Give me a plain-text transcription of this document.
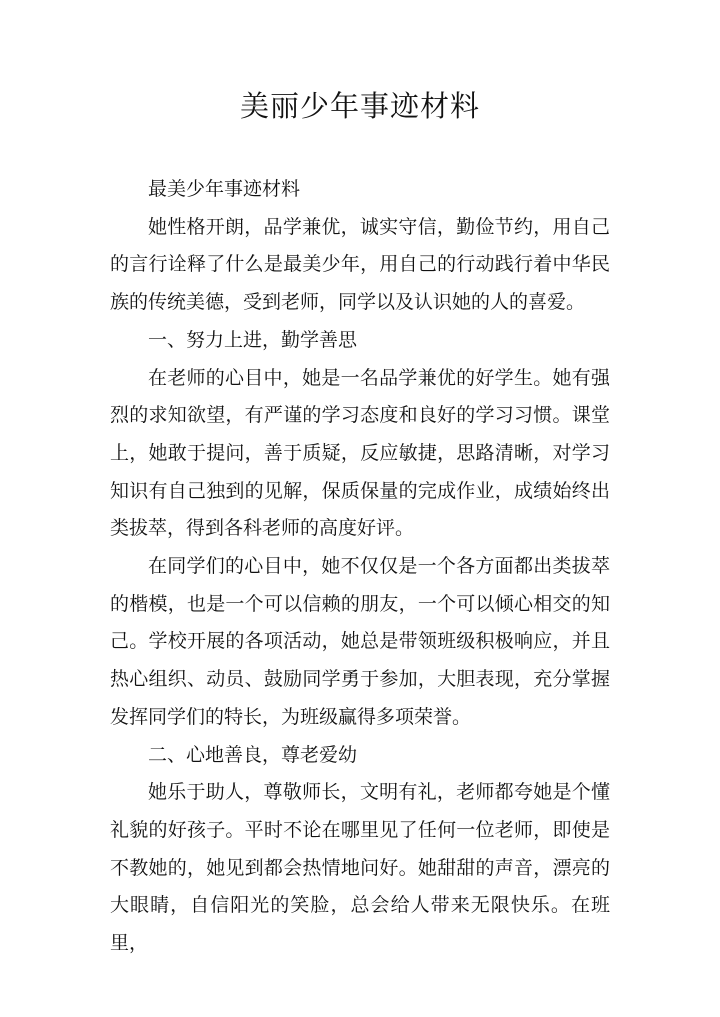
美丽少年事迹材料

最美少年事迹材料

她性格开朗，品学兼优，诚实守信，勤俭节约，用自己的言行诠释了什么是最美少年，用自己的行动践行着中华民族的传统美德，受到老师，同学以及认识她的人的喜爱。

一、努力上进，勤学善思

在老师的心目中，她是一名品学兼优的好学生。她有强烈的求知欲望，有严谨的学习态度和良好的学习习惯。课堂上，她敢于提问，善于质疑，反应敏捷，思路清晰，对学习知识有自己独到的见解，保质保量的完成作业，成绩始终出类拔萃，得到各科老师的高度好评。

在同学们的心目中，她不仅仅是一个各方面都出类拔萃的楷模，也是一个可以信赖的朋友，一个可以倾心相交的知己。学校开展的各项活动，她总是带领班级积极响应，并且热心组织、动员、鼓励同学勇于参加，大胆表现，充分掌握发挥同学们的特长，为班级赢得多项荣誉。

二、心地善良，尊老爱幼

她乐于助人，尊敬师长，文明有礼，老师都夸她是个懂礼貌的好孩子。平时不论在哪里见了任何一位老师，即使是不教她的，她见到都会热情地问好。她甜甜的声音，漂亮的大眼睛，自信阳光的笑脸，总会给人带来无限快乐。在班里，
